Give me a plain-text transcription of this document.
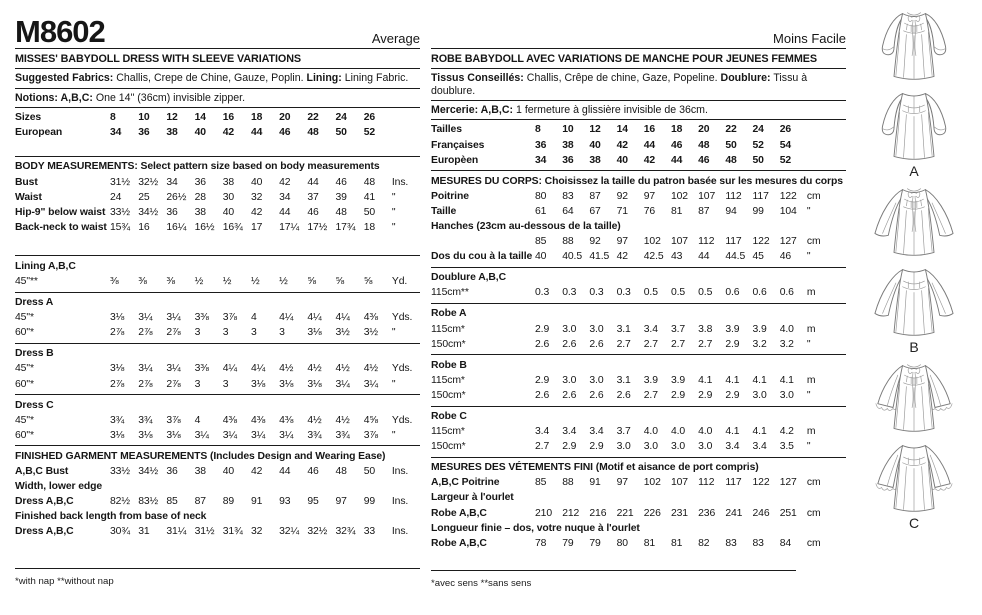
M8602	Average
MISSES' BABYDOLL DRESS WITH SLEEVE VARIATIONS
Suggested Fabrics: Challis, Crepe de Chine, Gauze, Poplin. Lining: Lining Fabric.
Notions: A,B,C: One 14" (36cm) invisible zipper.
Sizes	8	10	12	14	16	18	20	22	24	26
European	34	36	38	40	42	44	46	48	50	52
BODY MEASUREMENTS: Select pattern size based on body measurements
Bust	31½ 32½ 34	36	38	40	42	44	46	48	Ins.
Waist	24	25	26½ 28	30	32	34	37	39	41	"
Hip-9" below waist 33½ 34½ 36	38	40	42	44	46	48	50	"
Back-neck to waist 15¾ 16	16¼ 16½ 16¾ 17	17¼ 17½ 17¾ 18	"
Lining A,B,C
45"**	⅜	⅜	⅜	½	½	½	½	⅝	⅝	⅝	Yd.
Dress A
45"*	3⅛	3¼	3¼	3⅜	3⅞	4	4¼	4¼	4¼	4⅜	Yds.
60"*	2⅞	2⅞	2⅞	3	3	3	3	3⅛	3½	3½	"
Dress B
45"*	3⅛	3¼	3¼	3⅜	4¼	4¼	4½	4½	4½	4½	Yds.
60"*	2⅞	2⅞	2⅞	3	3	3⅛	3⅛	3⅛	3¼	3¼	"
Dress C
45"*	3¾	3¾	3⅞	4	4⅜	4⅜	4⅜	4½	4½	4⅝	Yds.
60"*	3⅛	3⅛	3⅛	3¼	3¼	3¼	3¼	3¾	3¾	3⅞	"
FINISHED GARMENT MEASUREMENTS (Includes Design and Wearing Ease)
A,B,C Bust	33½ 34½ 36	38	40	42	44	46	48	50	Ins.
Width, lower edge
Dress A,B,C	82½ 83½ 85	87	89	91	93	95	97	99	Ins.
Finished back length from base of neck
Dress A,B,C	30¾ 31	31¼ 31½ 31¾ 32	32¼ 32½ 32¾ 33	Ins.
*with nap **without nap
Moins Facile
ROBE BABYDOLL AVEC VARIATIONS DE MANCHE POUR JEUNES FEMMES
Tissus Conseillés: Challis, Crêpe de chine, Gaze, Popeline. Doublure: Tissu à doublure.
Mercerie: A,B,C: 1 fermeture à glissière invisible de 36cm.
Tailles	8	10	12	14	16	18	20	22	24	26
Françaises	36	38	40	42	44	46	48	50	52	54
Europèen	34	36	38	40	42	44	46	48	50	52
MESURES DU CORPS: Choisissez la taille du patron basée sur les mesures du corps
Poitrine	80	83	87	92	97	102 107 112	117	122 cm
Taille	61	64	67	71	76	81	87	94	99	104 "
Hanches (23cm au-dessous de la taille)
85	88	92	97	102 107 112	117	122 127 cm
Dos du cou à la taille 40	40.5 41.5 42	42.5 43	44	44.5 45	46	"
Doublure A,B,C
115cm**	0.3	0.3	0.3	0.3	0.5	0.5	0.5	0.6	0.6	0.6	m
Robe A
115cm*	2.9	3.0	3.0	3.1	3.4	3.7	3.8	3.9	3.9	4.0	m
150cm*	2.6	2.6	2.6	2.7	2.7	2.7	2.7	2.9	3.2	3.2	"
Robe B
115cm*	2.9	3.0	3.0	3.1	3.9	3.9	4.1	4.1	4.1	4.1	m
150cm*	2.6	2.6	2.6	2.6	2.7	2.9	2.9	2.9	3.0	3.0	"
Robe C
115cm*	3.4	3.4	3.4	3.7	4.0	4.0	4.0	4.1	4.1	4.2	m
150cm*	2.7	2.9	2.9	3.0	3.0	3.0	3.0	3.4	3.4	3.5	"
MESURES DES VÉTEMENTS FINI (Motif et aisance de port compris)
A,B,C Poitrine	85	88	91	97	102 107 112	117	122 127 cm
Largeur à l'ourlet
Robe A,B,C	210 212 216 221 226 231 236 241 246 251 cm
Longueur finie – dos, votre nuque à l'ourlet
Robe A,B,C	78	79	79	80	81	81	82	83	83	84	cm
*avec sens **sans sens
A
B
C
